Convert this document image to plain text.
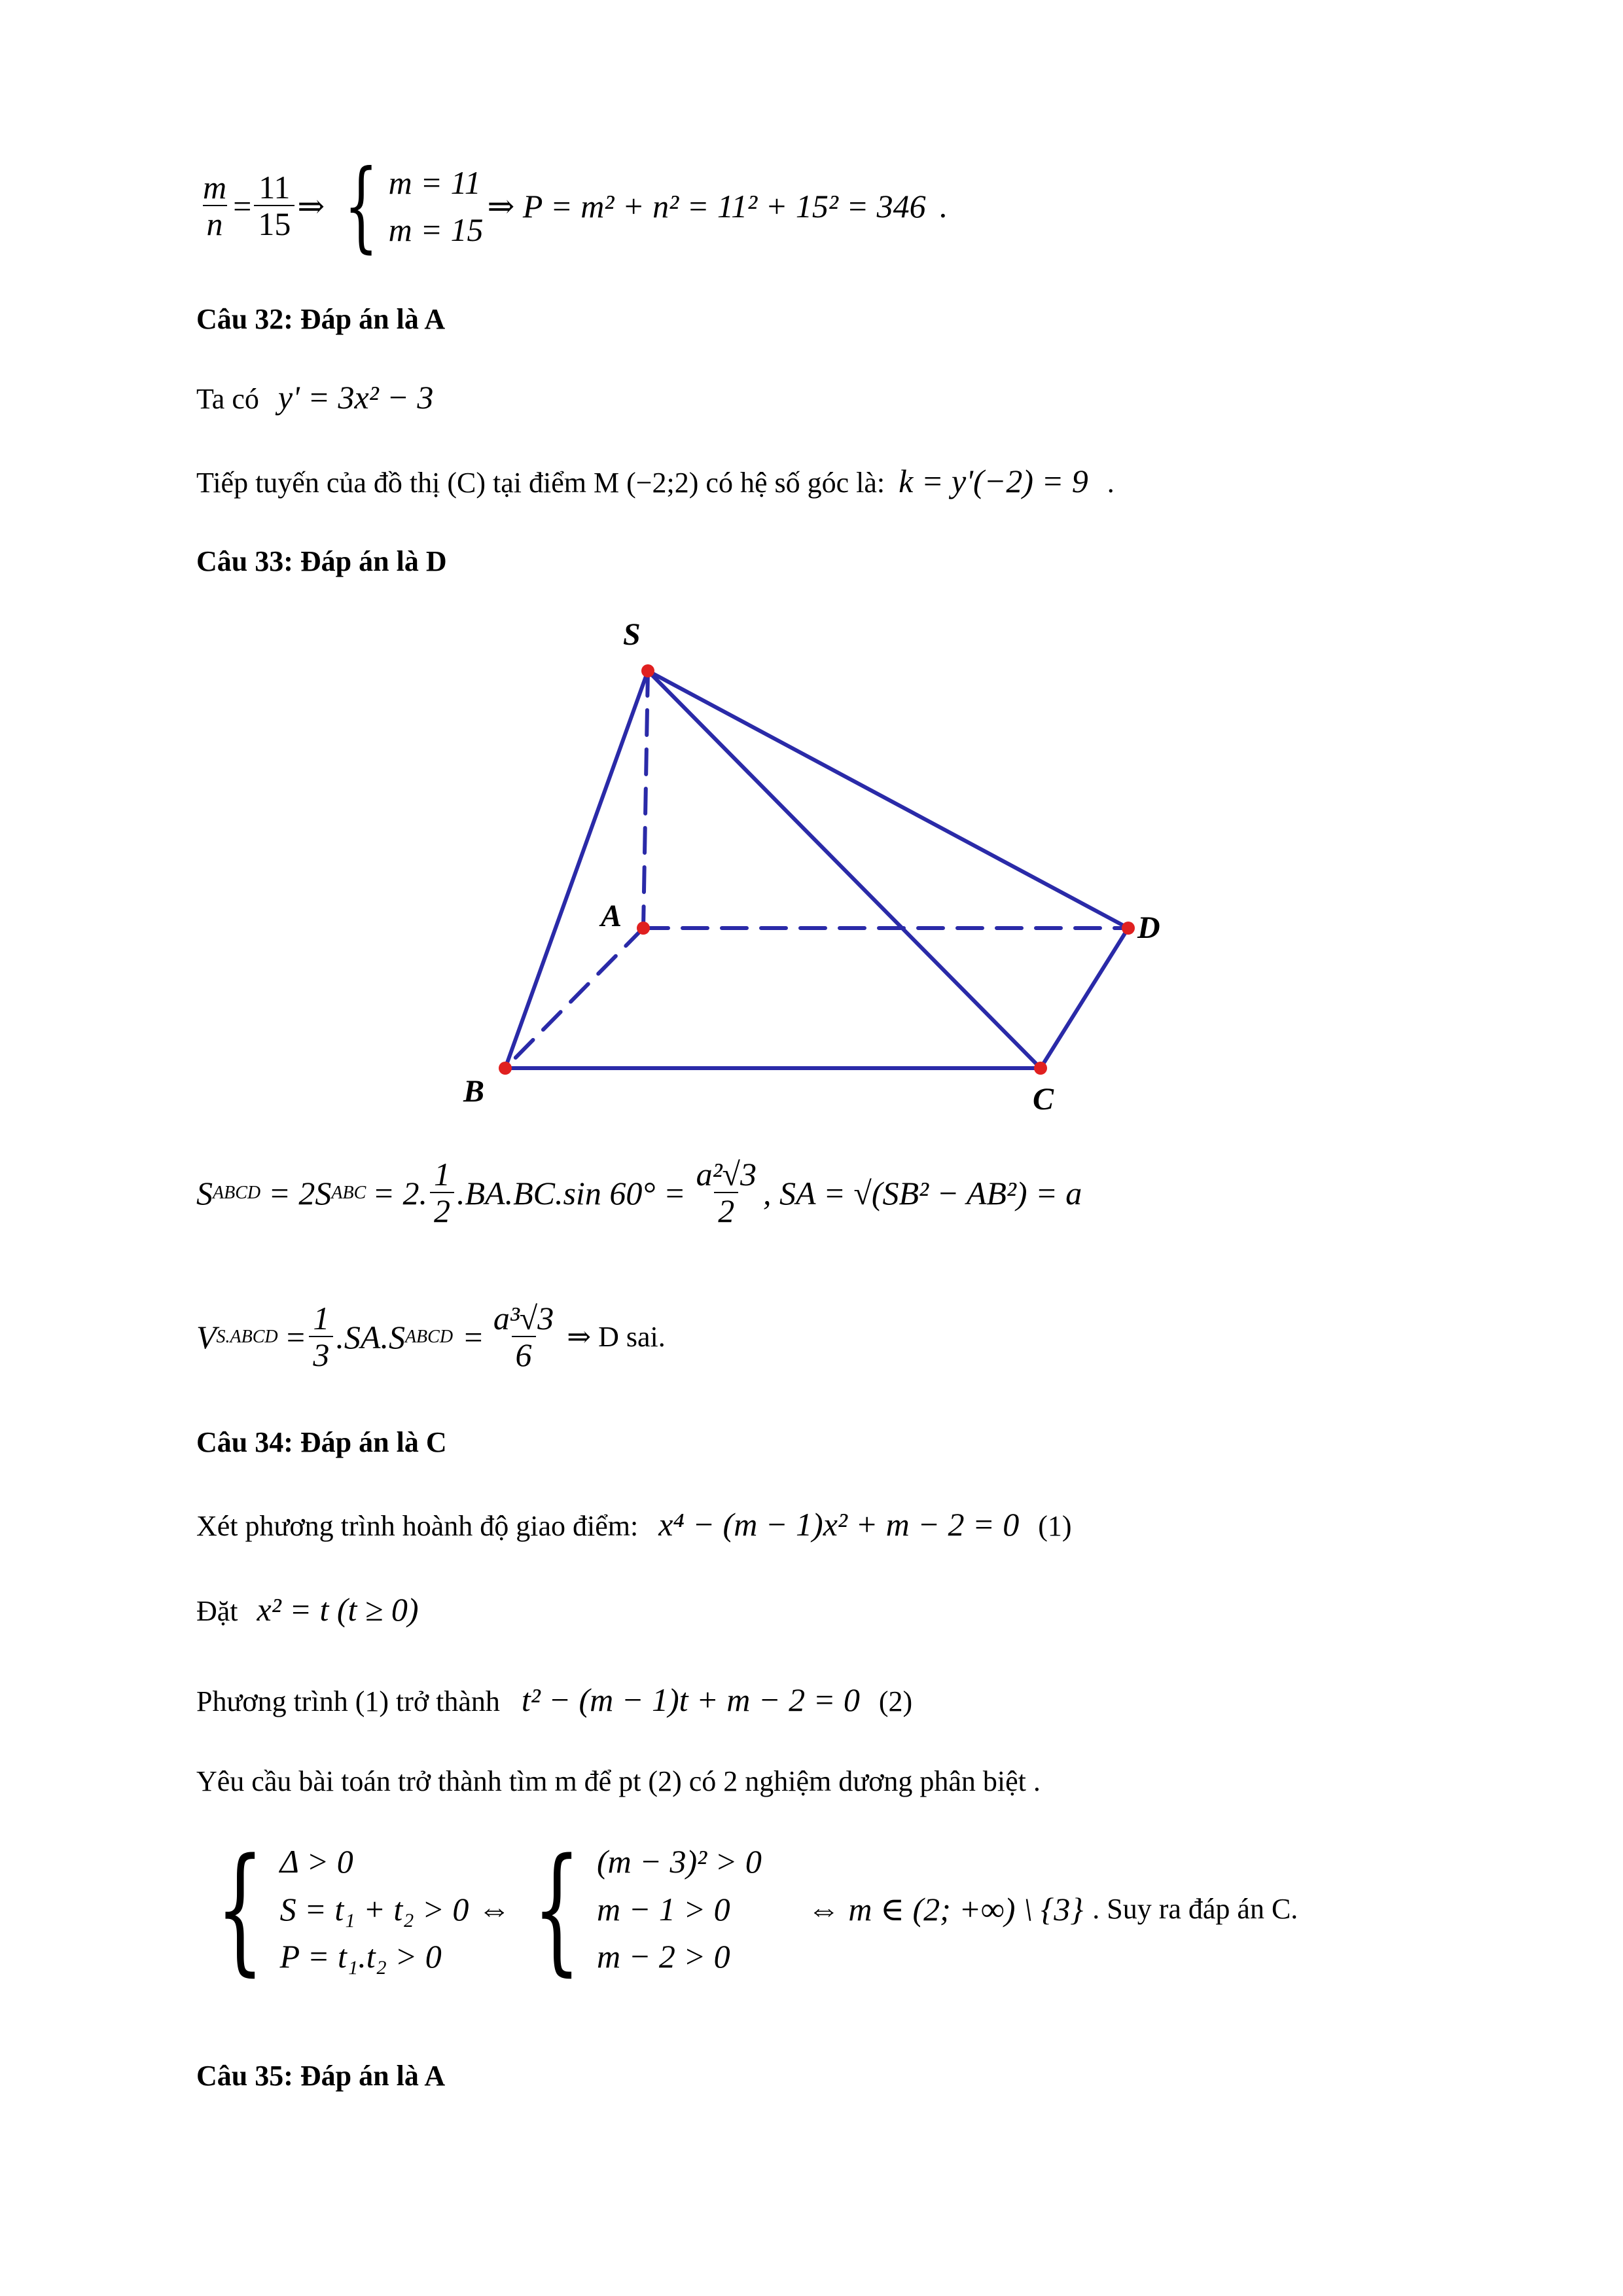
$\frac{m}{n} = \frac{11}{15}$ ⇒ { m = 11
m = 15
⇒ P = m² + n² = 11² + 15² = 346 .
Câu 32: Đáp án là A
Ta có y' = 3x² − 3
Tiếp tuyến của đồ thị (C) tại điểm M (−2;2) có hệ số góc là: k = y'(−2) = 9 .
Câu 33: Đáp án là D
S
A
B	C
D
S ABCD = 2S ABC = 2. $\frac{1}{2} .BA.BC.\sin$ $60^\circ = \frac{\text{a²√3}}{2}$ , SA = √(SB² − AB²) = a
V S.ABCD = $\frac{1}{3} .SA.S$ ABCD = $\frac{\text{a³√3}}{6}$ ⇒ D sai.
Câu 34: Đáp án là C
Xét phương trình hoành độ giao điểm: x⁴ − (m − 1)x² + m − 2 = 0 (1)
Đặt x² = t (t ≥ 0)
Phương trình (1) trở thành t² − (m − 1)t + m − 2 = 0 (2)
Yêu cầu bài toán trở thành tìm m để pt (2) có 2 nghiệm dương phân biệt .
{ Δ > 0
S = t₁ + t₂ > 0
P = t₁.t₂ > 0
⇔ { (m − 3)² > 0
m − 1 > 0
m − 2 > 0
⇔ m ∈ (2; +∞) \ {3} . Suy ra đáp án C.
Câu 35: Đáp án là A
